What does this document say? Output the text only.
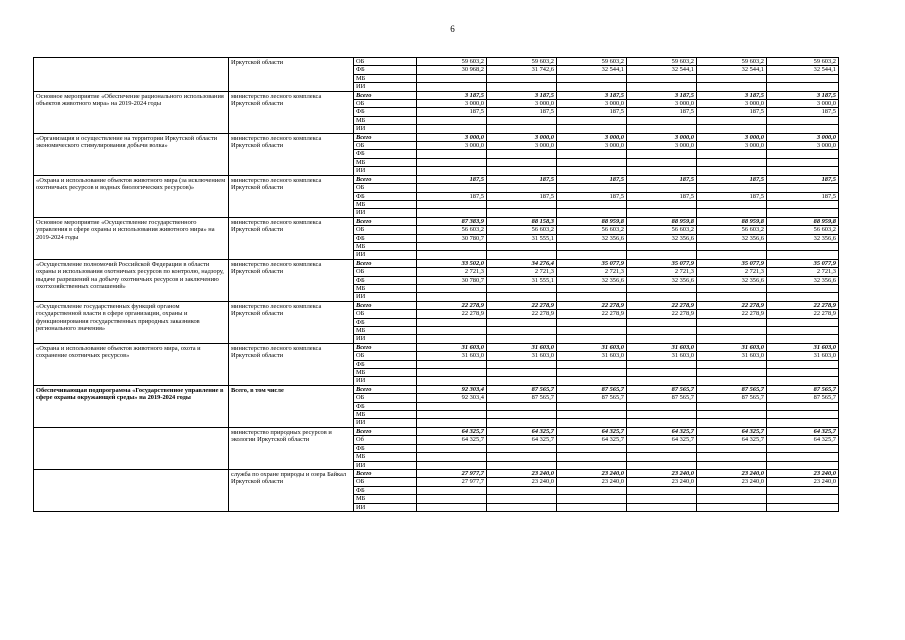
6
	Иркутской области	ОБ	59 603,2	59 603,2	59 603,2	59 603,2	59 603,2	59 603,2
		ФБ	30 968,2	31 742,6	32 544,1	32 544,1	32 544,1	32 544,1
		МБ						
		ИИ						
Основное мероприятие «Обеспечение рационального использования объектов животного мира» на 2019-2024 годы	министерство лесного комплекса Иркутской области	Всего	3 187,5	3 187,5	3 187,5	3 187,5	3 187,5	3 187,5
		ОБ	3 000,0	3 000,0	3 000,0	3 000,0	3 000,0	3 000,0
		ФБ	187,5	187,5	187,5	187,5	187,5	187,5
		МБ						
		ИИ						
«Организация и осуществление на территории Иркутской области экономического стимулирования добычи волка»	министерство лесного комплекса Иркутской области	Всего	3 000,0	3 000,0	3 000,0	3 000,0	3 000,0	3 000,0
		ОБ	3 000,0	3 000,0	3 000,0	3 000,0	3 000,0	3 000,0
		ФБ						
		МБ						
		ИИ						
«Охрана и использование объектов животного мира (за исключением охотничьих ресурсов и водных биологических ресурсов)»	министерство лесного комплекса Иркутской области	Всего	187,5	187,5	187,5	187,5	187,5	187,5
		ОБ						
		ФБ	187,5	187,5	187,5	187,5	187,5	187,5
		МБ						
		ИИ						
Основное мероприятие «Осуществление государственного управления в сфере охраны и использования животного мира» на 2019-2024 годы	министерство лесного комплекса Иркутской области	Всего	87 383,9	88 158,3	88 959,8	88 959,8	88 959,8	88 959,8
		ОБ	56 603,2	56 603,2	56 603,2	56 603,2	56 603,2	56 603,2
		ФБ	30 780,7	31 555,1	32 356,6	32 356,6	32 356,6	32 356,6
		МБ						
		ИИ						
«Осуществление полномочий Российской Федерации в области охраны и использования охотничьих ресурсов по контролю, надзору, выдаче разрешений на добычу охотничьих ресурсов и заключению охотхозяйственных соглашений»	министерство лесного комплекса Иркутской области	Всего	33 502,0	34 276,4	35 077,9	35 077,9	35 077,9	35 077,9
		ОБ	2 721,3	2 721,3	2 721,3	2 721,3	2 721,3	2 721,3
		ФБ	30 780,7	31 555,1	32 356,6	32 356,6	32 356,6	32 356,6
		МБ						
		ИИ						
«Осуществление государственных функций органом государственной власти в сфере организации, охраны и функционирования государственных природных заказников регионального значения»	министерство лесного комплекса Иркутской области	Всего	22 278,9	22 278,9	22 278,9	22 278,9	22 278,9	22 278,9
		ОБ	22 278,9	22 278,9	22 278,9	22 278,9	22 278,9	22 278,9
		ФБ						
		МБ						
		ИИ						
«Охрана и использование объектов животного мира, охота и сохранение охотничьих ресурсов»	министерство лесного комплекса Иркутской области	Всего	31 603,0	31 603,0	31 603,0	31 603,0	31 603,0	31 603,0
		ОБ	31 603,0	31 603,0	31 603,0	31 603,0	31 603,0	31 603,0
		ФБ						
		МБ						
		ИИ						
Обеспечивающая подпрограмма «Государственное управление в сфере охраны окружающей среды» на 2019-2024 годы	Всего, в том числе	Всего	92 303,4	87 565,7	87 565,7	87 565,7	87 565,7	87 565,7
		ОБ	92 303,4	87 565,7	87 565,7	87 565,7	87 565,7	87 565,7
		ФБ						
		МБ						
		ИИ						
	министерство природных ресурсов и экологии Иркутской области	Всего	64 325,7	64 325,7	64 325,7	64 325,7	64 325,7	64 325,7
		Об	64 325,7	64 325,7	64 325,7	64 325,7	64 325,7	64 325,7
		ФБ						
		МБ						
		ИИ						
	служба по охране природы и озера Байкал Иркутской области	Всего	27 977,7	23 240,0	23 240,0	23 240,0	23 240,0	23 240,0
		ОБ	27 977,7	23 240,0	23 240,0	23 240,0	23 240,0	23 240,0
		ФБ						
		МБ						
		ИИ						
